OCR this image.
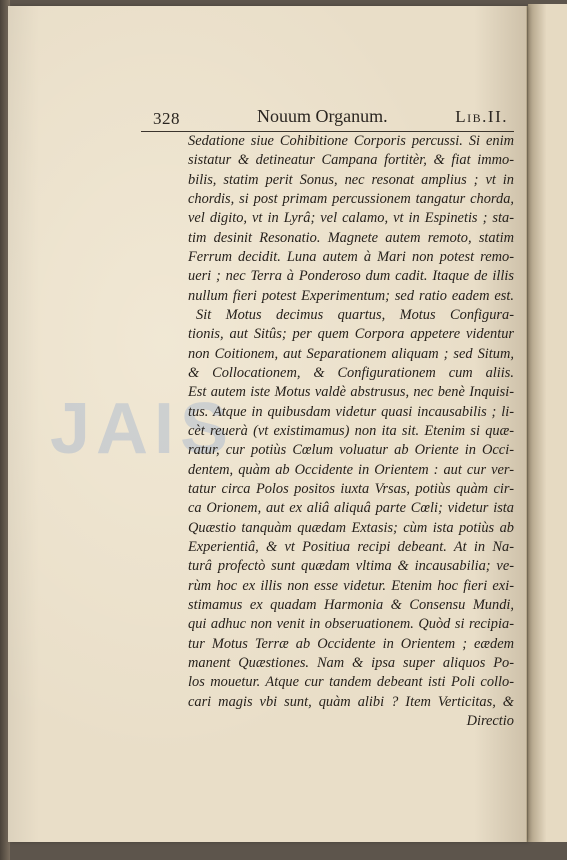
328	Nouum Organum.	Lib.II.
JAIS
Sedatione siue Cohibitione Corporis percussi. Si enim
sistatur & detineatur Campana fortitèr, & fiat immo-
bilis, statim perit Sonus, nec resonat amplius ; vt in
chordis, si post primam percussionem tangatur chorda,
vel digito, vt in Lyrâ; vel calamo, vt in Espinetis ; sta-
tim desinit Resonatio. Magnete autem remoto, statim
Ferrum decidit. Luna autem à Mari non potest remo-
ueri ; nec Terra à Ponderoso dum cadit. Itaque de illis
nullum fieri potest Experimentum; sed ratio eadem est.
Sit Motus decimus quartus, Motus Configura-
tionis, aut Sitûs; per quem Corpora appetere videntur
non Coitionem, aut Separationem aliquam ; sed Situm,
& Collocationem, & Configurationem cum aliis.
Est autem iste Motus valdè abstrusus, nec benè Inquisi-
tus. Atque in quibusdam videtur quasi incausabilis ; li-
cèt reuerà (vt existimamus) non ita sit. Etenim si quæ-
ratur, cur potiùs Cœlum voluatur ab Oriente in Occi-
dentem, quàm ab Occidente in Orientem : aut cur ver-
tatur circa Polos positos iuxta Vrsas, potiùs quàm cir-
ca Orionem, aut ex aliâ aliquâ parte Cœli; videtur ista
Quæstio tanquàm quædam Extasis; cùm ista potiùs ab
Experientiâ, & vt Positiua recipi debeant. At in Na-
turâ profectò sunt quædam vltima & incausabilia; ve-
rùm hoc ex illis non esse videtur. Etenim hoc fieri exi-
stimamus ex quadam Harmonia & Consensu Mundi,
qui adhuc non venit in obseruationem. Quòd si recipia-
tur Motus Terræ ab Occidente in Orientem ; eædem
manent Quæstiones. Nam & ipsa super aliquos Po-
los mouetur. Atque cur tandem debeant isti Poli collo-
cari magis vbi sunt, quàm alibi ? Item Verticitas, &
Directio
